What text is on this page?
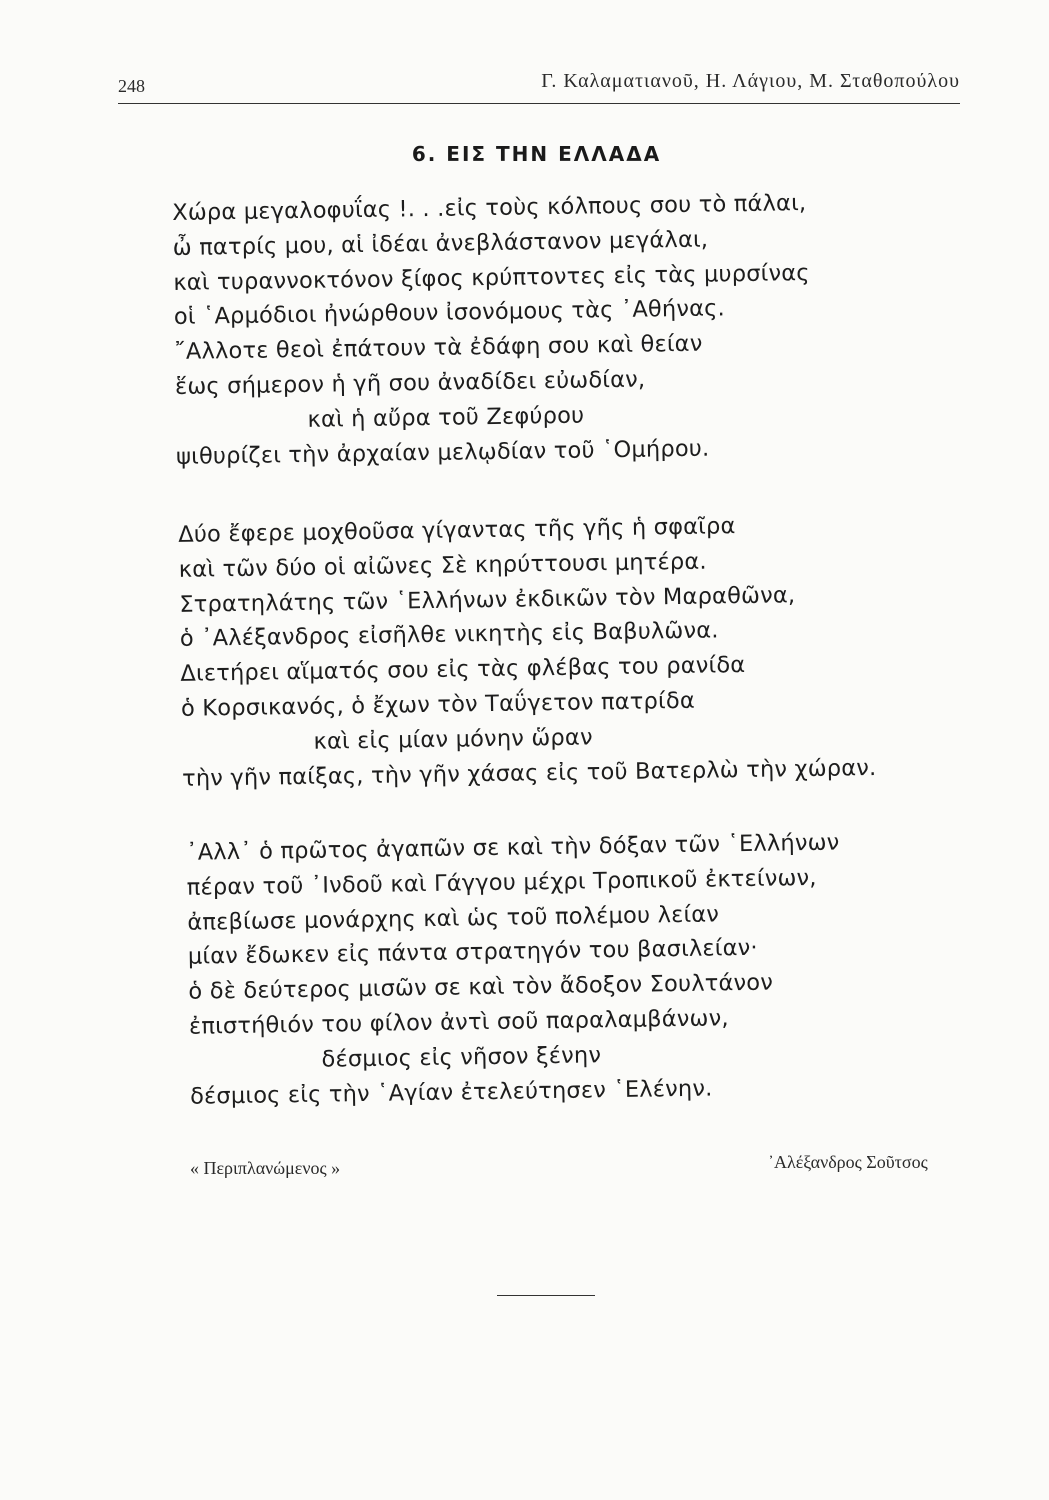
248	Γ. Καλαματιανοῦ, Η. Λάγιου, Μ. Σταθοπούλου
6. ΕΙΣ ΤΗΝ ΕΛΛΑΔΑ
Χώρα μεγαλοφυΐας !. . .εἰς τοὺς κόλπους σου τὸ πάλαι,
ὦ πατρίς μου, αἱ ἰδέαι ἀνεβλάστανον μεγάλαι,
καὶ τυραννοκτόνον ξίφος κρύπτοντες εἰς τὰς μυρσίνας
οἱ ῾Αρμόδιοι ἠνώρθουν ἰσονόμους τὰς ᾿Αθήνας.
῎Αλλοτε θεοὶ ἐπάτουν τὰ ἐδάφη σου καὶ θείαν
ἕως σήμερον ἡ γῆ σου ἀναδίδει εὐωδίαν,
καὶ ἡ αὔρα τοῦ Ζεφύρου
ψιθυρίζει τὴν ἀρχαίαν μελῳδίαν τοῦ ῾Ομήρου.
Δύο ἔφερε μοχθοῦσα γίγαντας τῆς γῆς ἡ σφαῖρα
καὶ τῶν δύο οἱ αἰῶνες Σὲ κηρύττουσι μητέρα.
Στρατηλάτης τῶν ῾Ελλήνων ἐκδικῶν τὸν Μαραθῶνα,
ὁ ᾿Αλέξανδρος εἰσῆλθε νικητὴς εἰς Βαβυλῶνα.
Διετήρει αἵματός σου εἰς τὰς φλέβας του ρανίδα
ὁ Κορσικανός, ὁ ἔχων τὸν Ταΰγετον πατρίδα
καὶ εἰς μίαν μόνην ὥραν
τὴν γῆν παίξας, τὴν γῆν χάσας εἰς τοῦ Βατερλὼ τὴν χώραν.
᾿Αλλ᾿ ὁ πρῶτος ἀγαπῶν σε καὶ τὴν δόξαν τῶν ῾Ελλήνων
πέραν τοῦ ᾿Ινδοῦ καὶ Γάγγου μέχρι Τροπικοῦ ἐκτείνων,
ἀπεβίωσε μονάρχης καὶ ὡς τοῦ πολέμου λείαν
μίαν ἔδωκεν εἰς πάντα στρατηγόν του βασιλείαν·
ὁ δὲ δεύτερος μισῶν σε καὶ τὸν ἄδοξον Σουλτάνον
ἐπιστήθιόν του φίλον ἀντὶ σοῦ παραλαμβάνων,
δέσμιος εἰς νῆσον ξένην
δέσμιος εἰς τὴν ῾Αγίαν ἐτελεύτησεν ῾Ελένην.
« Περιπλανώμενος »	᾿Αλέξανδρος Σοῦτσος
